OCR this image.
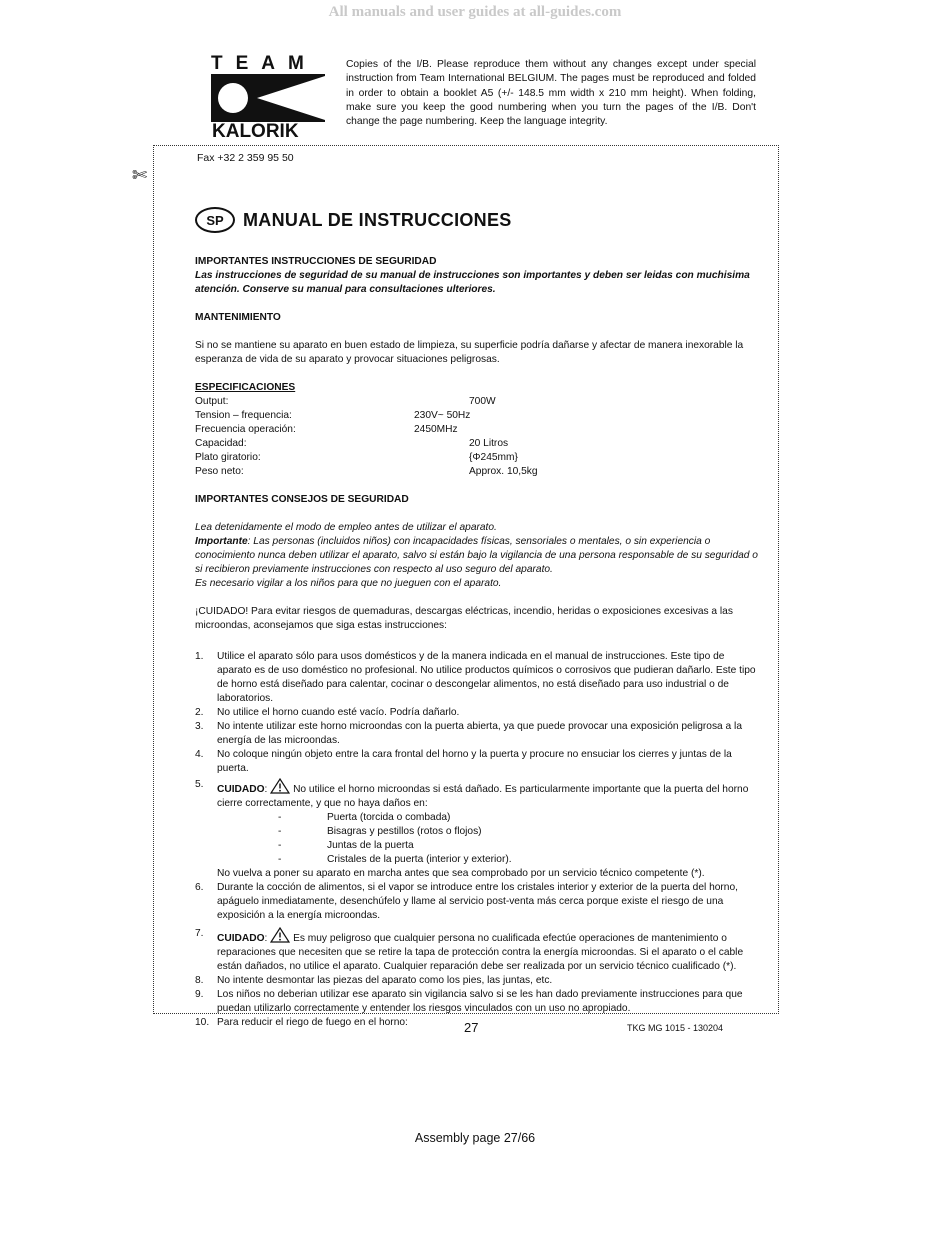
All manuals and user guides at all-guides.com
TEAM
KALORIK
Copies of the I/B. Please reproduce them without any changes except under special instruction from Team International BELGIUM. The pages must be reproduced and folded in order to obtain a booklet A5 (+/- 148.5 mm width x 210 mm height). When folding, make sure you keep the good numbering when you turn the pages of the I/B. Don't change the page numbering. Keep the language integrity.
✄
Fax +32 2 359 95 50
SP	MANUAL DE INSTRUCCIONES
IMPORTANTES INSTRUCCIONES DE SEGURIDAD
Las instrucciones de seguridad de su manual de instrucciones son importantes y deben ser leidas con muchisima atención. Conserve su manual para consultaciones ulteriores.
MANTENIMIENTO
Si no se mantiene su aparato en buen estado de limpieza, su superficie podría dañarse y afectar de manera inexorable la esperanza de vida de su aparato y provocar situaciones peligrosas.
ESPECIFICACIONES
Output:	700W
Tension – frequencia:	230V~ 50Hz
Frecuencia operación:	2450MHz
Capacidad:	20 Litros
Plato giratorio:	{Φ245mm}
Peso neto:	Approx. 10,5kg
IMPORTANTES CONSEJOS DE SEGURIDAD
Lea detenidamente el modo de empleo antes de utilizar el aparato.
Importante: Las personas (incluidos niños) con incapacidades físicas, sensoriales o mentales, o sin experiencia o conocimiento nunca deben utilizar el aparato, salvo si están bajo la vigilancia de una persona responsable de su seguridad o si recibieron previamente instrucciones con respecto al uso seguro del aparato.
Es necesario vigilar a los niños para que no jueguen con el aparato.
¡CUIDADO! Para evitar riesgos de quemaduras, descargas eléctricas, incendio, heridas o exposiciones excesivas a las microondas, aconsejamos que siga estas instrucciones:
1. Utilice el aparato sólo para usos domésticos y de la manera indicada en el manual de instrucciones. Este tipo de aparato es de uso doméstico no profesional. No utilice productos químicos o corrosivos que pudieran dañarlo. Este tipo de horno está diseñado para calentar, cocinar o descongelar alimentos, no está diseñado para uso industrial o de laboratorios.
2. No utilice el horno cuando esté vacío. Podría dañarlo.
3. No intente utilizar este horno microondas con la puerta abierta, ya que puede provocar una exposición peligrosa a la energía de las microondas.
4. No coloque ningún objeto entre la cara frontal del horno y la puerta y procure no ensuciar los cierres y juntas de la puerta.
5. CUIDADO:  No utilice el horno microondas si está dañado. Es particularmente importante que la puerta del horno cierre correctamente, y que no haya daños en:
-	Puerta (torcida o combada)
-	Bisagras y pestillos (rotos o flojos)
-	Juntas de la puerta
-	Cristales de la puerta (interior y exterior).
No vuelva a poner su aparato en marcha antes que sea comprobado por un servicio técnico competente (*).
6. Durante la cocción de alimentos, si el vapor se introduce entre los cristales interior y exterior de la puerta del horno, apáguelo inmediatamente, desenchúfelo y llame al servicio post-venta más cerca porque existe el riesgo de una exposición a la energía microondas.
7. CUIDADO:  Es muy peligroso que cualquier persona no cualificada efectúe operaciones de mantenimiento o reparaciones que necesiten que se retire la tapa de protección contra la energía microondas. Si el aparato o el cable están dañados, no utilice el aparato. Cualquier reparación debe ser realizada por un servicio técnico cualificado (*).
8. No intente desmontar las piezas del aparato como los pies, las juntas, etc.
9. Los niños no deberian utilizar ese aparato sin vigilancia salvo si se les han dado previamente instrucciones para que puedan utilizarlo correctamente y entender los riesgos vinculados con un uso no apropiado.
10. Para reducir el riego de fuego en el horno:	27	TKG MG 1015 - 130204
Assembly page 27/66
